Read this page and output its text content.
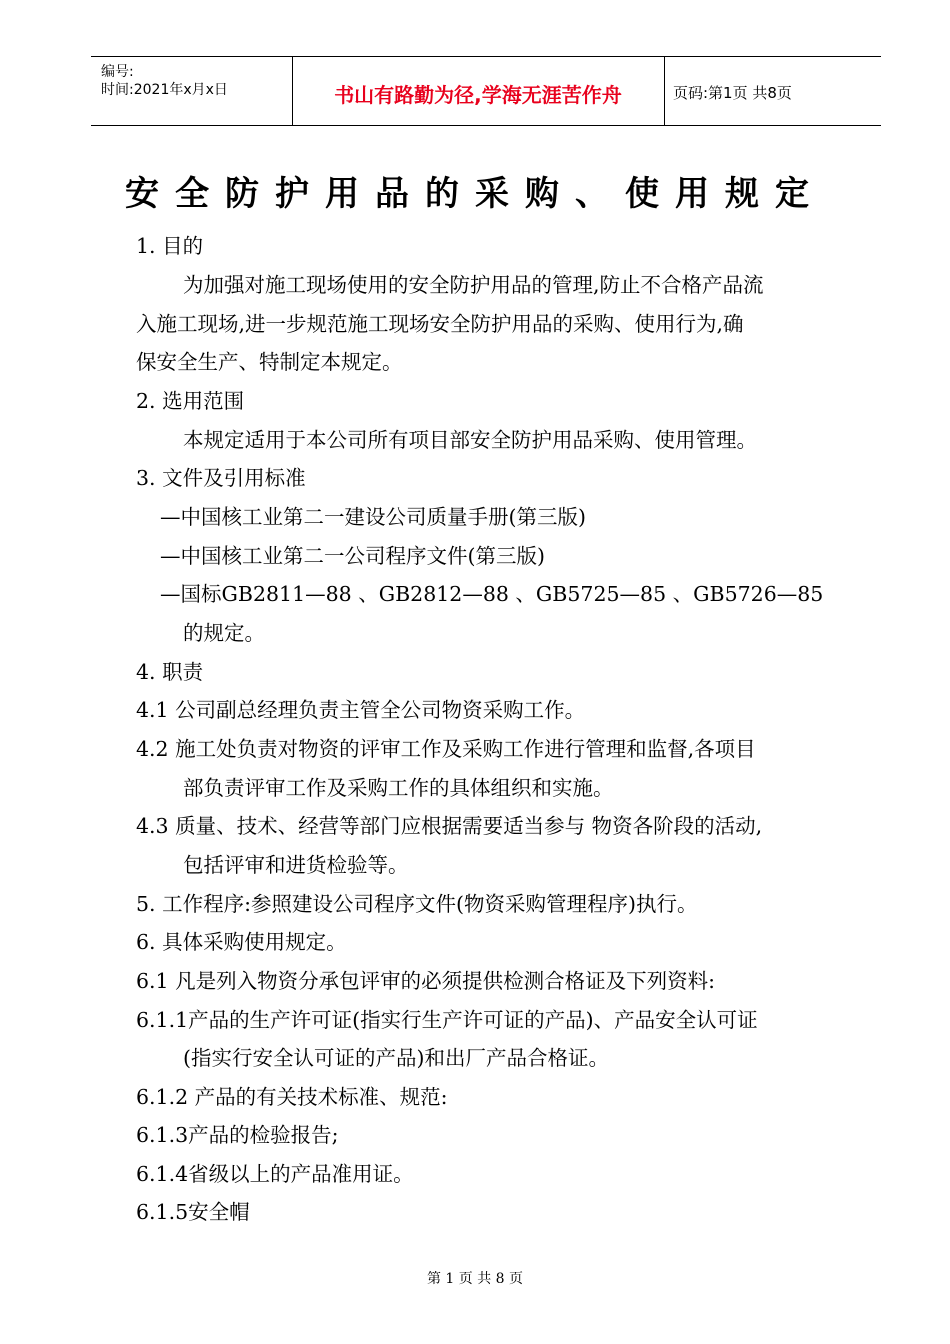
编号:
时间:2021年x月x日	书山有路勤为径,学海无涯苦作舟	页码:第1页 共8页
安全防护用品的采购、使用规定
1. 目的
为加强对施工现场使用的安全防护用品的管理,防止不合格产品流
入施工现场,进一步规范施工现场安全防护用品的采购、使用行为,确
保安全生产、特制定本规定。
2. 选用范围
本规定适用于本公司所有项目部安全防护用品采购、使用管理。
3. 文件及引用标准
—中国核工业第二一建设公司质量手册(第三版)
—中国核工业第二一公司程序文件(第三版)
—国标GB2811—88 、GB2812—88 、GB5725—85 、GB5726—85
的规定。
4. 职责
4.1 公司副总经理负责主管全公司物资采购工作。
4.2 施工处负责对物资的评审工作及采购工作进行管理和监督,各项目
部负责评审工作及采购工作的具体组织和实施。
4.3 质量、技术、经营等部门应根据需要适当参与 物资各阶段的活动,
包括评审和进货检验等。
5. 工作程序:参照建设公司程序文件(物资采购管理程序)执行。
6. 具体采购使用规定。
6.1 凡是列入物资分承包评审的必须提供检测合格证及下列资料:
6.1.1产品的生产许可证(指实行生产许可证的产品)、产品安全认可证
(指实行安全认可证的产品)和出厂产品合格证。
6.1.2 产品的有关技术标准、规范:
6.1.3产品的检验报告;
6.1.4省级以上的产品准用证。
6.1.5安全帽
第 1 页 共 8 页
